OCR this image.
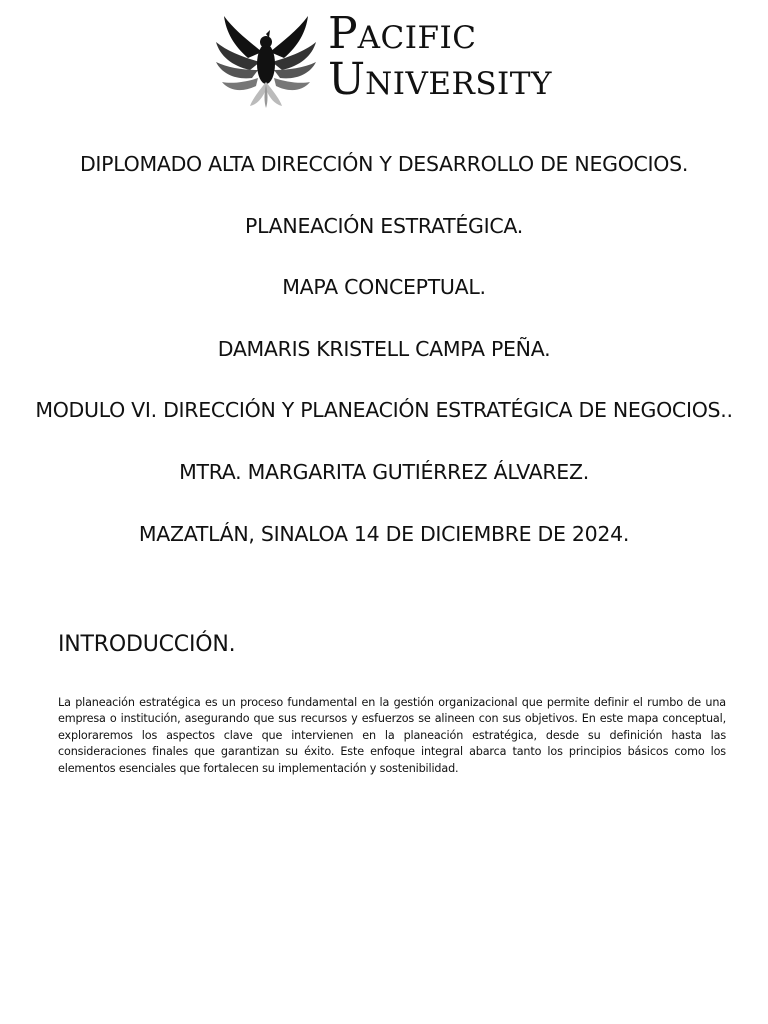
PACIFIC
UNIVERSITY
DIPLOMADO ALTA DIRECCIÓN Y DESARROLLO DE NEGOCIOS.
PLANEACIÓN ESTRATÉGICA.
MAPA CONCEPTUAL.
DAMARIS KRISTELL CAMPA PEÑA.
MODULO VI. DIRECCIÓN Y PLANEACIÓN ESTRATÉGICA DE NEGOCIOS..
MTRA. MARGARITA GUTIÉRREZ ÁLVAREZ.
MAZATLÁN, SINALOA 14 DE DICIEMBRE DE 2024.
INTRODUCCIÓN.
La planeación estratégica es un proceso fundamental en la gestión organizacional que permite definir el rumbo de una empresa o institución, asegurando que sus recursos y esfuerzos se alineen con sus objetivos. En este mapa conceptual, exploraremos los aspectos clave que intervienen en la planeación estratégica, desde su definición hasta las consideraciones finales que garantizan su éxito. Este enfoque integral abarca tanto los principios básicos como los elementos esenciales que fortalecen su implementación y sostenibilidad.
